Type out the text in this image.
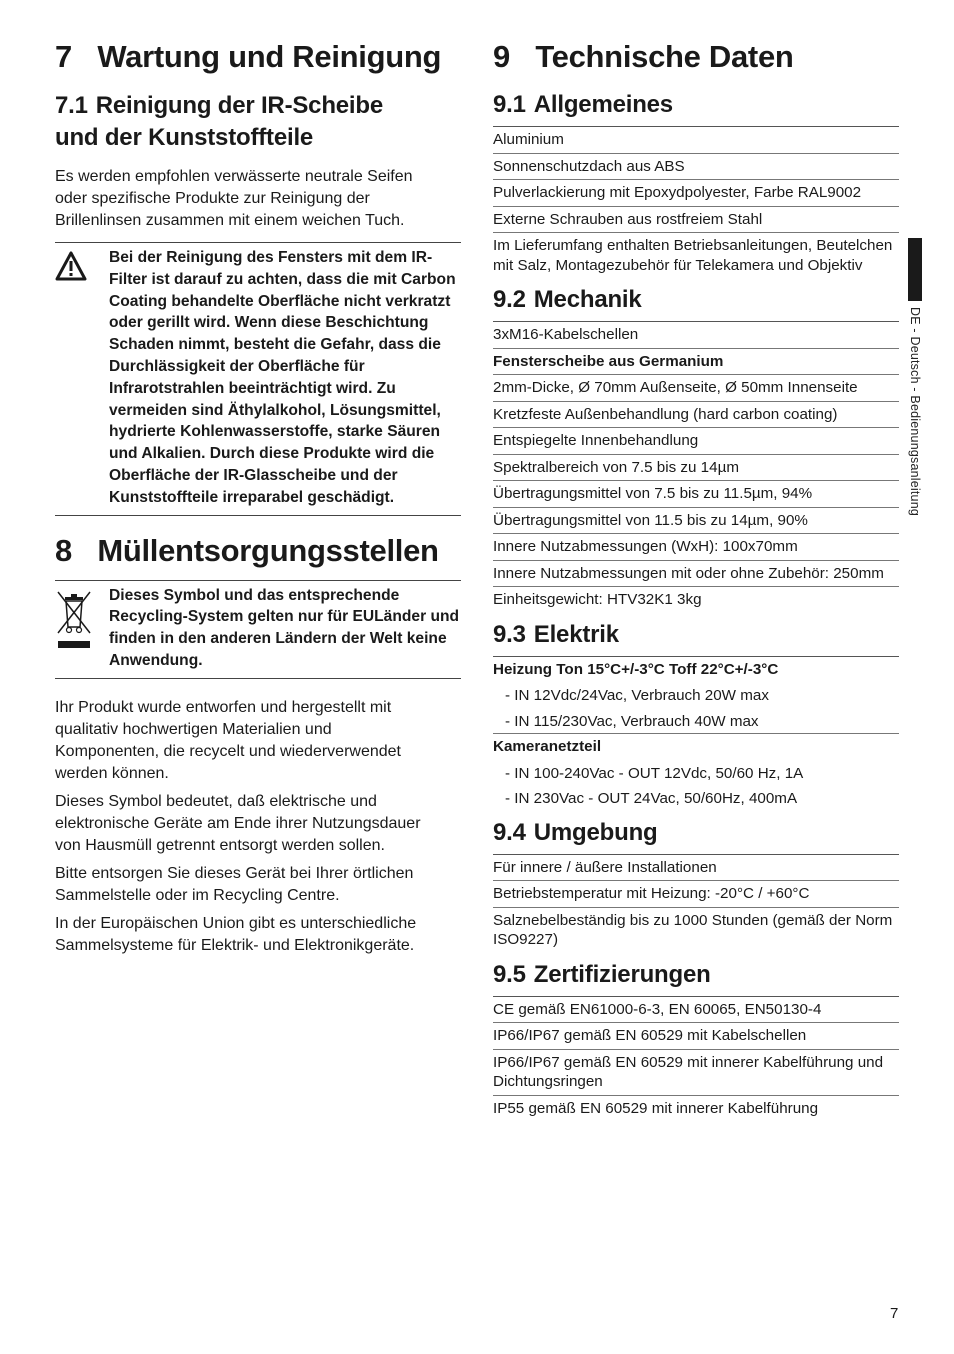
7 Wartung und Reinigung
7.1 Reinigung der IR-Scheibe
und der Kunststoffteile

Es werden empfohlen verwässerte neutrale Seifen oder spezifische Produkte zur Reinigung der Brillenlinsen zusammen mit einem weichen Tuch.

Bei der Reinigung des Fensters mit dem IR-Filter ist darauf zu achten, dass die mit Carbon Coating behandelte Oberfläche nicht verkratzt oder gerillt wird. Wenn diese Beschichtung Schaden nimmt, besteht die Gefahr, dass die Durchlässigkeit der Oberfläche für Infrarotstrahlen beeinträchtigt wird. Zu vermeiden sind Äthylalkohol, Lösungsmittel, hydrierte Kohlenwasserstoffe, starke Säuren und Alkalien. Durch diese Produkte wird die Oberfläche der IR-Glasscheibe und der Kunststoffteile irreparabel geschädigt.
8 Müllentsorgungsstellen
Dieses Symbol und das entsprechende Recycling-System gelten nur für EULänder und finden in den anderen Ländern der Welt keine Anwendung.

Ihr Produkt wurde entworfen und hergestellt mit qualitativ hochwertigen Materialien und Komponenten, die recycelt und wiederverwendet werden können.

Dieses Symbol bedeutet, daß elektrische und elektronische Geräte am Ende ihrer Nutzungsdauer von Hausmüll getrennt entsorgt werden sollen.

Bitte entsorgen Sie dieses Gerät bei Ihrer örtlichen Sammelstelle oder im Recycling Centre.

In der Europäischen Union gibt es unterschiedliche Sammelsysteme für Elektrik- und Elektronikgeräte.

9 Technische Daten
9.1 Allgemeines
Aluminium
Sonnenschutzdach aus ABS
Pulverlackierung mit Epoxydpolyester, Farbe RAL9002
Externe Schrauben aus rostfreiem Stahl
Im Lieferumfang enthalten Betriebsanleitungen, Beutelchen mit Salz, Montagezubehör für Telekamera und Objektiv
9.2 Mechanik
3xM16-Kabelschellen
Fensterscheibe aus Germanium
2mm-Dicke, Ø 70mm Außenseite, Ø 50mm Innenseite
Kretzfeste Außenbehandlung (hard carbon coating)
Entspiegelte Innenbehandlung
Spektralbereich von 7.5 bis zu 14µm
Übertragungsmittel von 7.5 bis zu 11.5µm, 94%
Übertragungsmittel von 11.5 bis zu 14µm, 90%
Innere Nutzabmessungen (WxH): 100x70mm
Innere Nutzabmessungen mit oder ohne Zubehör: 250mm
Einheitsgewicht: HTV32K1 3kg
9.3 Elektrik
Heizung Ton 15°C+/-3°C Toff 22°C+/-3°C
- IN 12Vdc/24Vac, Verbrauch 20W max
- IN 115/230Vac, Verbrauch 40W max
Kameranetzteil
- IN 100-240Vac - OUT 12Vdc, 50/60 Hz, 1A
- IN 230Vac - OUT 24Vac, 50/60Hz, 400mA
9.4 Umgebung
Für innere / äußere Installationen
Betriebstemperatur mit Heizung: -20°C / +60°C
Salznebelbeständig bis zu 1000 Stunden (gemäß der Norm ISO9227)
9.5 Zertifizierungen
CE gemäß EN61000-6-3, EN 60065, EN50130-4
IP66/IP67 gemäß EN 60529 mit Kabelschellen
IP66/IP67 gemäß EN 60529 mit innerer Kabelführung und Dichtungsringen
IP55 gemäß EN 60529 mit innerer Kabelführung
DE - Deutsch - Bedienungsanleitung
7
